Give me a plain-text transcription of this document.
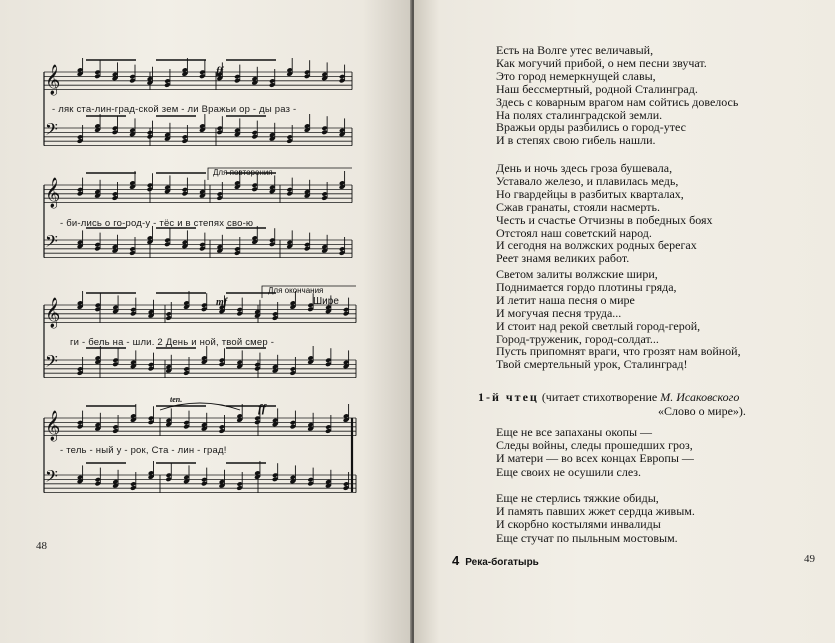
𝄞
𝄢
𝄞
𝄢
𝄞
𝄢
𝄞
𝄢
- ляк ста-лин-град-ской зем - ли Вражьи ор - ды раз -
- би-лись о го-род-у - тёс и в степях сво-ю
ги - бель на - шли. 2 День и ной, твой смер -
- тель - ный у - рок, Ста - лин - град!
Для повторения
Для окончания
Шире
ff
mf
ff
ten.
48
Есть на Волге утес величавый,
Как могучий прибой, о нем песни звучат.
Это город немеркнущей славы,
Наш бессмертный, родной Сталинград.
Здесь с коварным врагом нам сойтись довелось
На полях сталинградской земли.
Вражьи орды разбились о город-утес
И в степях свою гибель нашли.
День и ночь здесь гроза бушевала,
Уставало железо, и плавилась медь,
Но гвардейцы в разбитых кварталах,
Сжав гранаты, стояли насмерть.
Честь и счастье Отчизны в победных боях
Отстоял наш советский народ.
И сегодня на волжских родных берегах
Реет знамя великих работ.
Светом залиты волжские шири,
Поднимается гордо плотины гряда,
И летит наша песня о мире
И могучая песня труда...
И стоит над рекой светлый город-герой,
Город-труженик, город-солдат...
Пусть припомнят враги, что грозят нам войной,
Твой смертельный урок, Сталинград!
1-й чтец (читает стихотворение М. Исаковского
«Слово о мире»).
Еще не все запаханы окопы —
Следы войны, следы прошедших гроз,
И матери — во всех концах Европы —
Еще своих не осушили слез.
Еще не стерлись тяжкие обиды,
И память павших жжет сердца живым.
И скорбно костылями инвалиды
Еще стучат по пыльным мостовым.
4 Река-богатырь	49
